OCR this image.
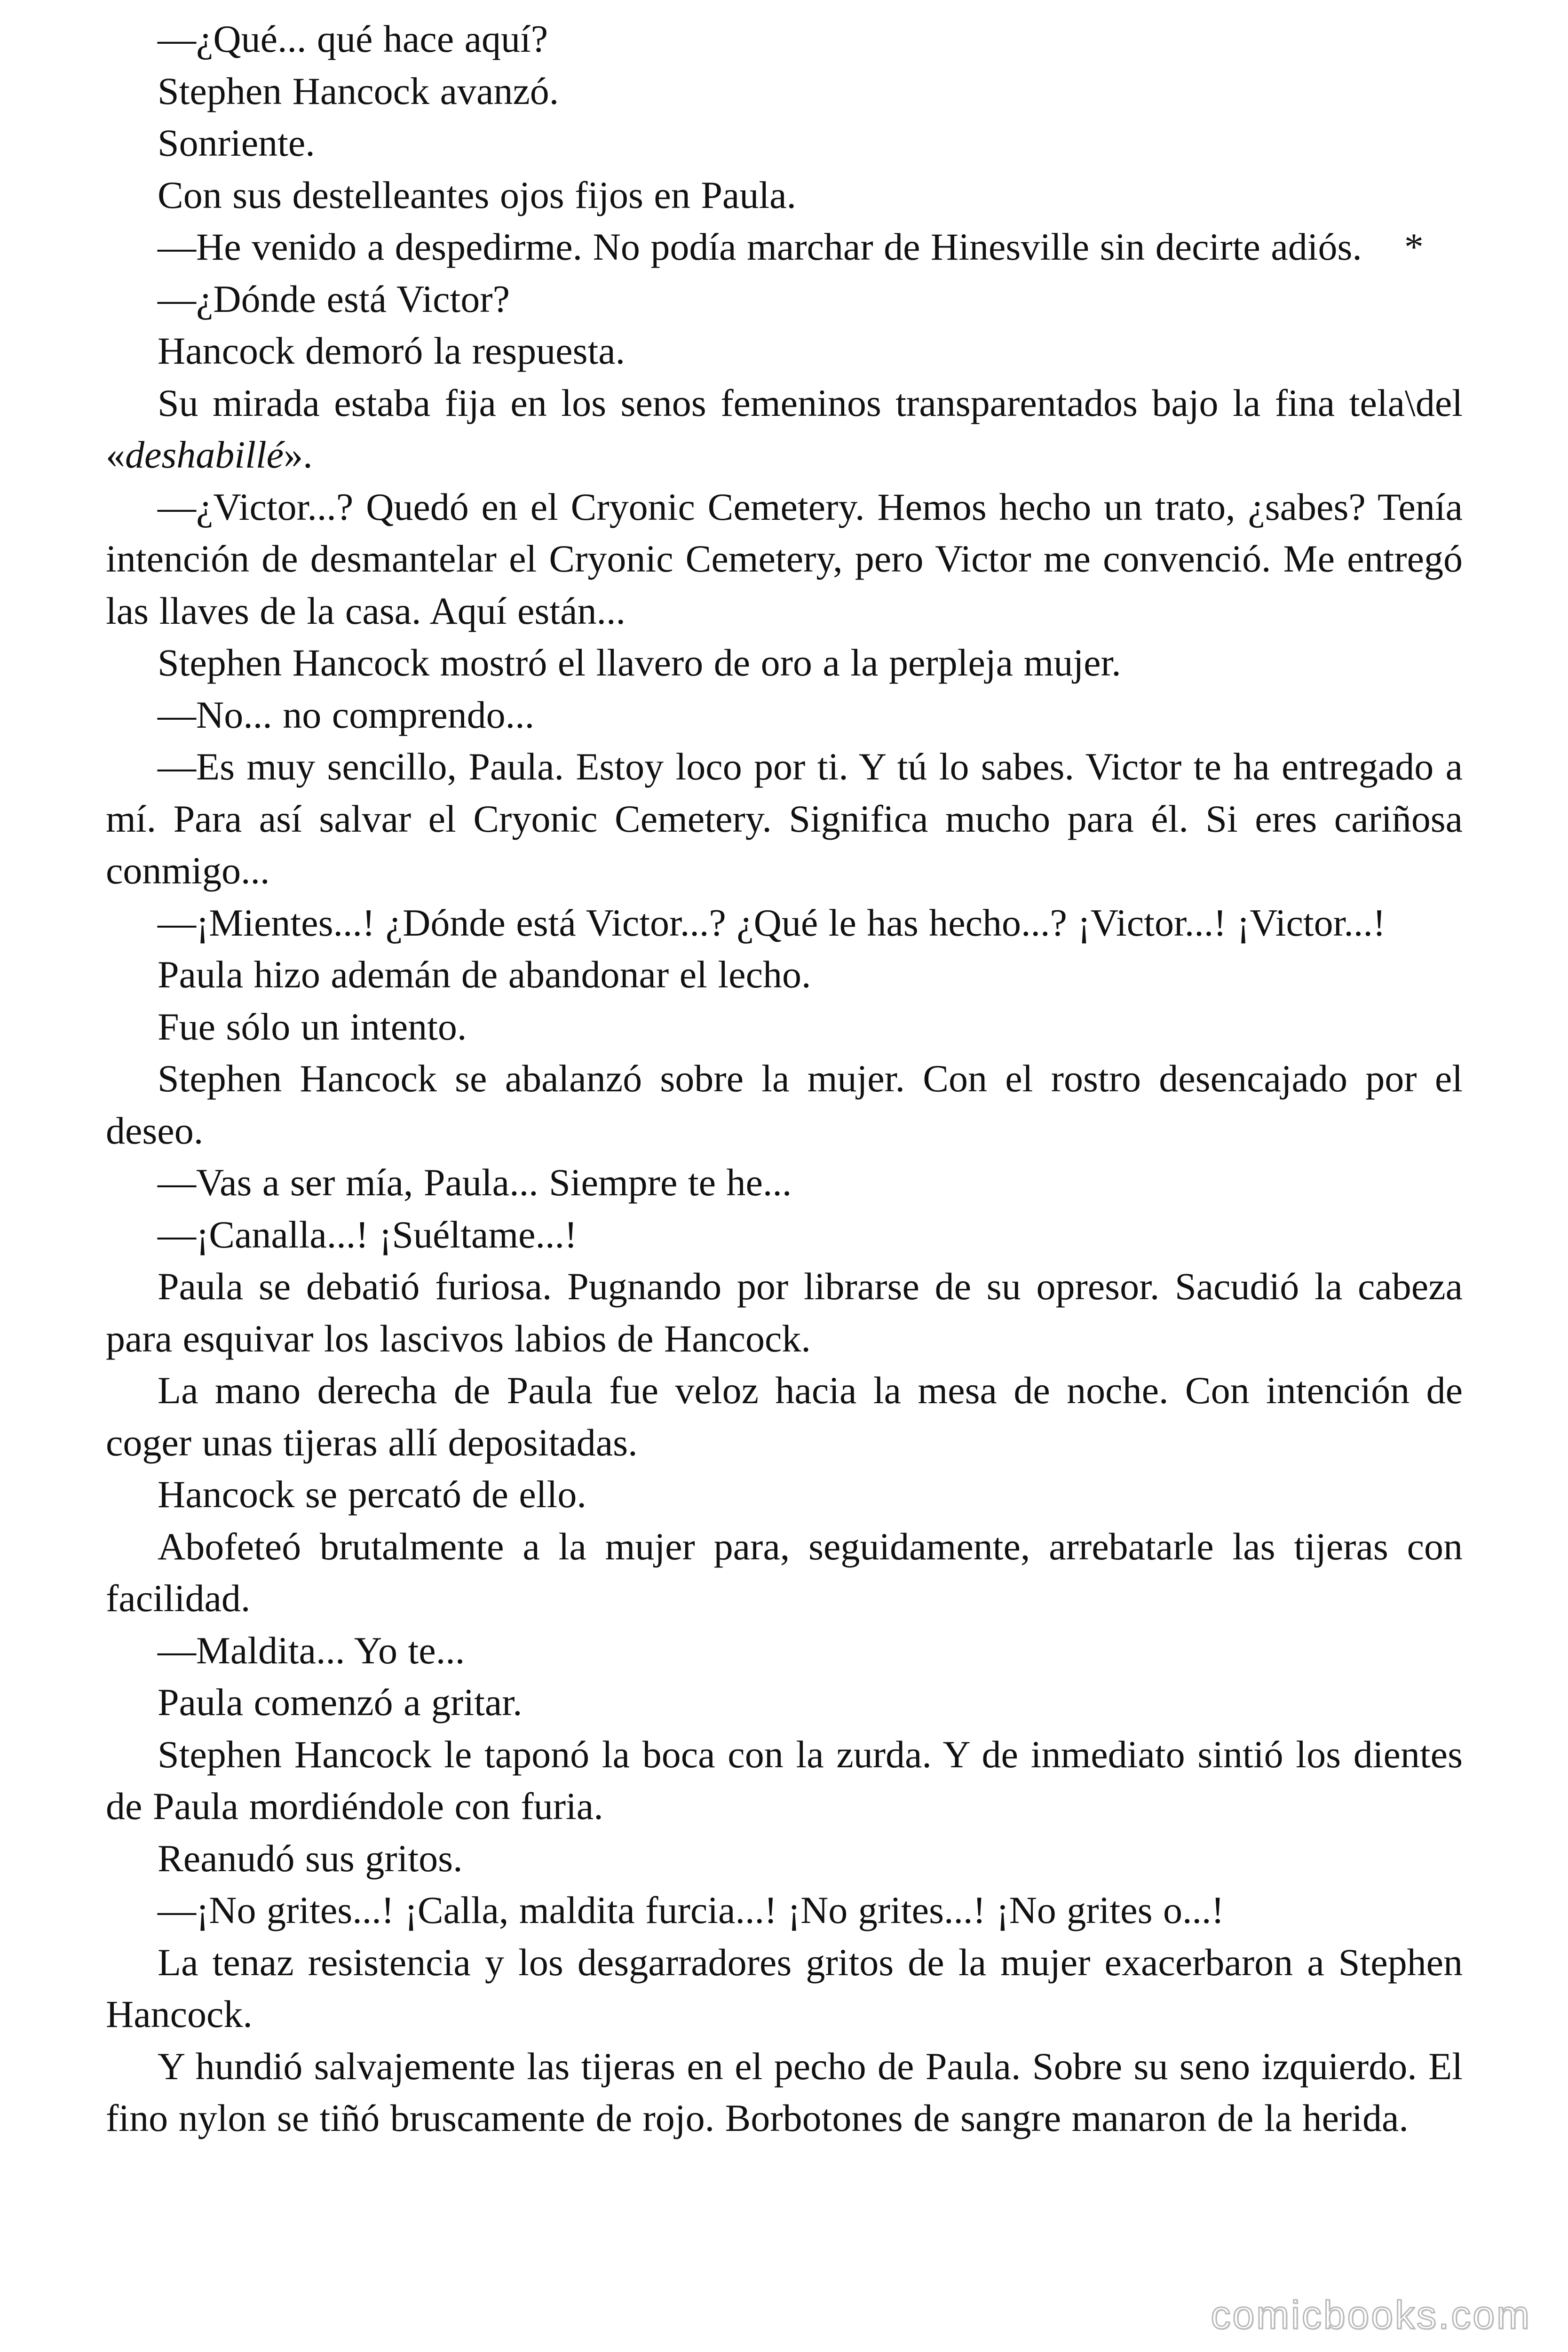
—¿Qué... qué hace aquí?

Stephen Hancock avanzó.

Sonriente.

Con sus destelleantes ojos fijos en Paula.

—He venido a despedirme. No podía marchar de Hinesville sin decirte adiós.    *

—¿Dónde está Victor?

Hancock demoró la respuesta.

Su mirada estaba fija en los senos femeninos transparentados bajo la fina tela\del «deshabillé».

—¿Victor...? Quedó en el Cryonic Cemetery. Hemos hecho un trato, ¿sabes? Tenía intención de desmantelar el Cryonic Cemetery, pero Victor me convenció. Me entregó las llaves de la casa. Aquí están...

Stephen Hancock mostró el llavero de oro a la perpleja mujer.

—No... no comprendo...

—Es muy sencillo, Paula. Estoy loco por ti. Y tú lo sabes. Victor te ha entregado a mí. Para así salvar el Cryonic Cemetery. Significa mucho para él. Si eres cariñosa conmigo...

—¡Mientes...! ¿Dónde está Victor...? ¿Qué le has hecho...? ¡Victor...! ¡Victor...!

Paula hizo ademán de abandonar el lecho.

Fue sólo un intento.

Stephen Hancock se abalanzó sobre la mujer. Con el rostro desencajado por el deseo.

—Vas a ser mía, Paula... Siempre te he...

—¡Canalla...! ¡Suéltame...!

Paula se debatió furiosa. Pugnando por librarse de su opresor. Sacudió la cabeza para esquivar los lascivos labios de Hancock.

La mano derecha de Paula fue veloz hacia la mesa de noche. Con intención de coger unas tijeras allí depositadas.

Hancock se percató de ello.

Abofeteó brutalmente a la mujer para, seguidamente, arrebatarle las tijeras con facilidad.

—Maldita... Yo te...

Paula comenzó a gritar.

Stephen Hancock le taponó la boca con la zurda. Y de inmediato sintió los dientes de Paula mordiéndole con furia.

Reanudó sus gritos.

—¡No grites...! ¡Calla, maldita furcia...! ¡No grites...! ¡No grites o...!

La tenaz resistencia y los desgarradores gritos de la mujer exacerbaron a Stephen Hancock.

Y hundió salvajemente las tijeras en el pecho de Paula. Sobre su seno izquierdo. El fino nylon se tiñó bruscamente de rojo. Borbotones de sangre manaron de la herida.

comicbooks.com
